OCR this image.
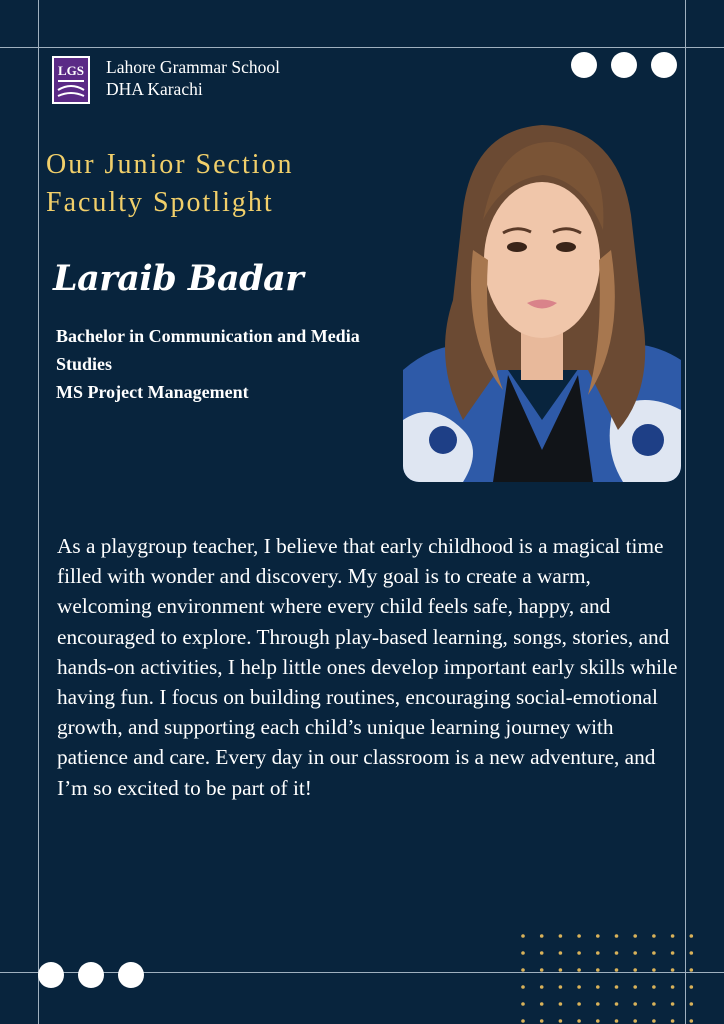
LGS Lahore Grammar School
DHA Karachi
Our Junior Section
Faculty Spotlight
Laraib Badar
Bachelor in Communication and Media Studies
MS Project Management

As a playgroup teacher, I believe that early childhood is a magical time filled with wonder and discovery. My goal is to create a warm, welcoming environment where every child feels safe, happy, and encouraged to explore. Through play-based learning, songs, stories, and hands-on activities, I help little ones develop important early skills while having fun. I focus on building routines, encouraging social-emotional growth, and supporting each child’s unique learning journey with patience and care. Every day in our classroom is a new adventure, and I’m so excited to be part of it!
